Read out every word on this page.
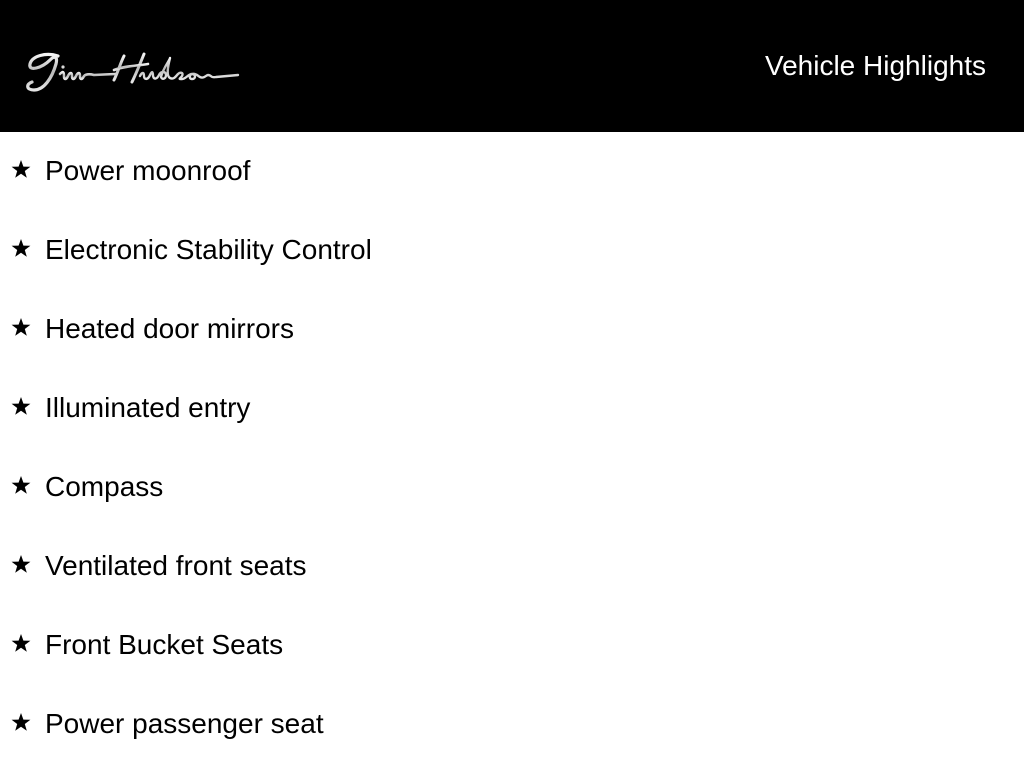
Vehicle Highlights
Power moonroof
Electronic Stability Control
Heated door mirrors
Illuminated entry
Compass
Ventilated front seats
Front Bucket Seats
Power passenger seat
